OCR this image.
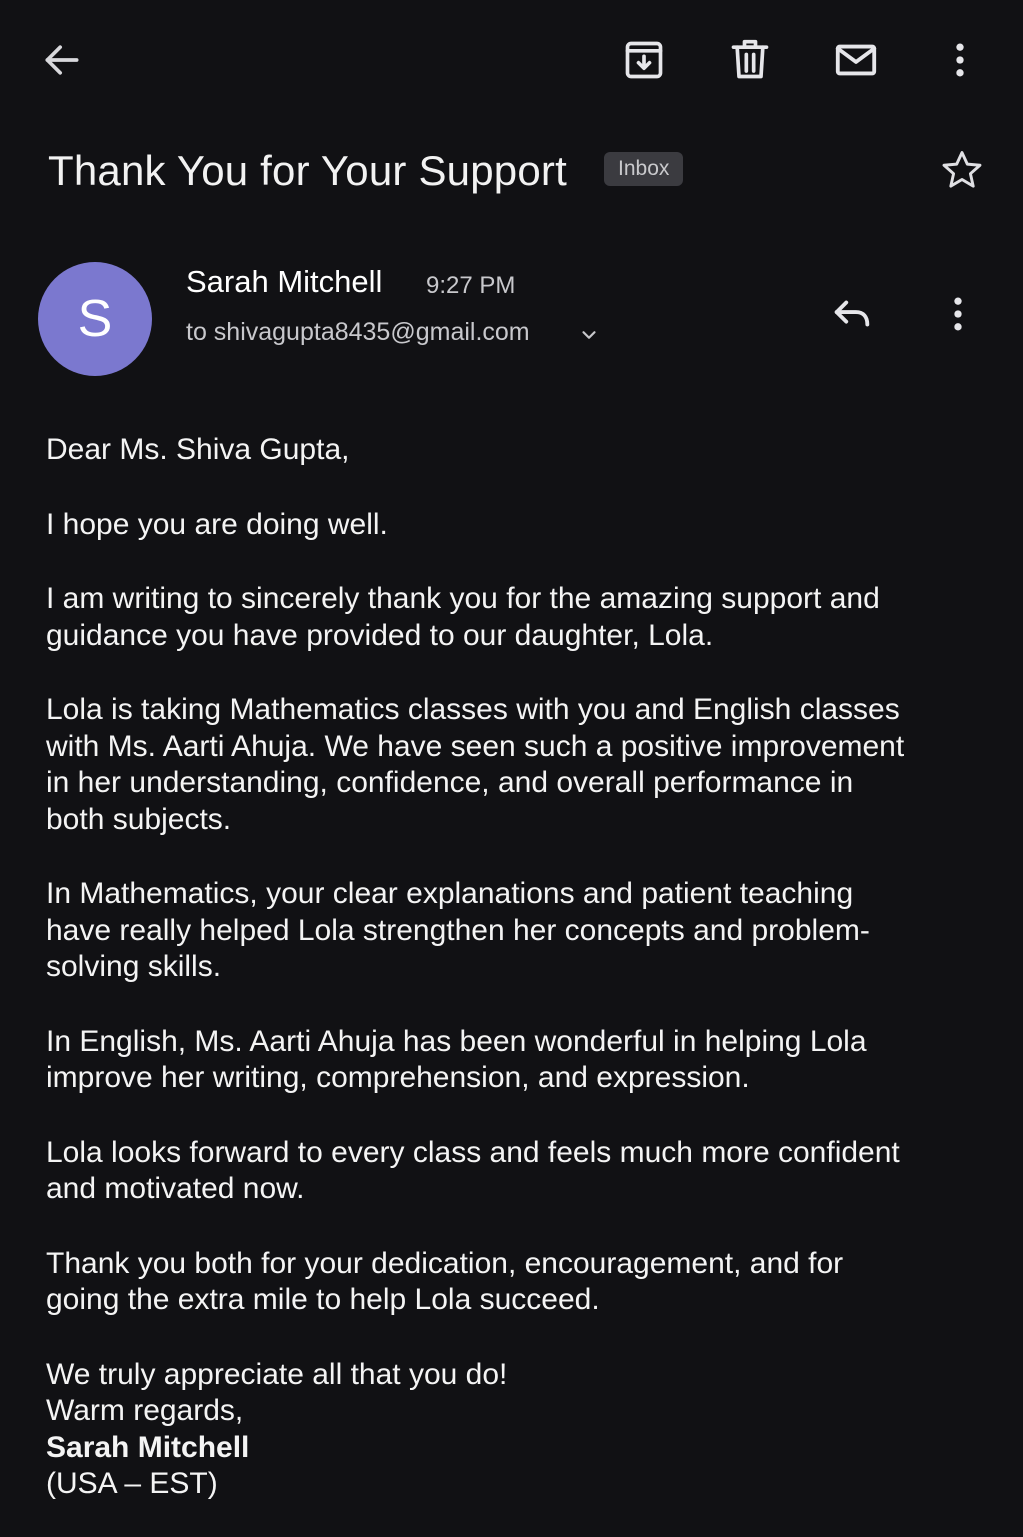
Thank You for Your Support	Inbox
S
Sarah Mitchell 9:27 PM
to shivagupta8435@gmail.com

Dear Ms. Shiva Gupta,

I hope you are doing well.

I am writing to sincerely thank you for the amazing support and
guidance you have provided to our daughter, Lola.

Lola is taking Mathematics classes with you and English classes
with Ms. Aarti Ahuja. We have seen such a positive improvement
in her understanding, confidence, and overall performance in
both subjects.

In Mathematics, your clear explanations and patient teaching
have really helped Lola strengthen her concepts and problem-
solving skills.

In English, Ms. Aarti Ahuja has been wonderful in helping Lola
improve her writing, comprehension, and expression.

Lola looks forward to every class and feels much more confident
and motivated now.

Thank you both for your dedication, encouragement, and for
going the extra mile to help Lola succeed.

We truly appreciate all that you do!

Warm regards,

Sarah Mitchell

(USA – EST)
